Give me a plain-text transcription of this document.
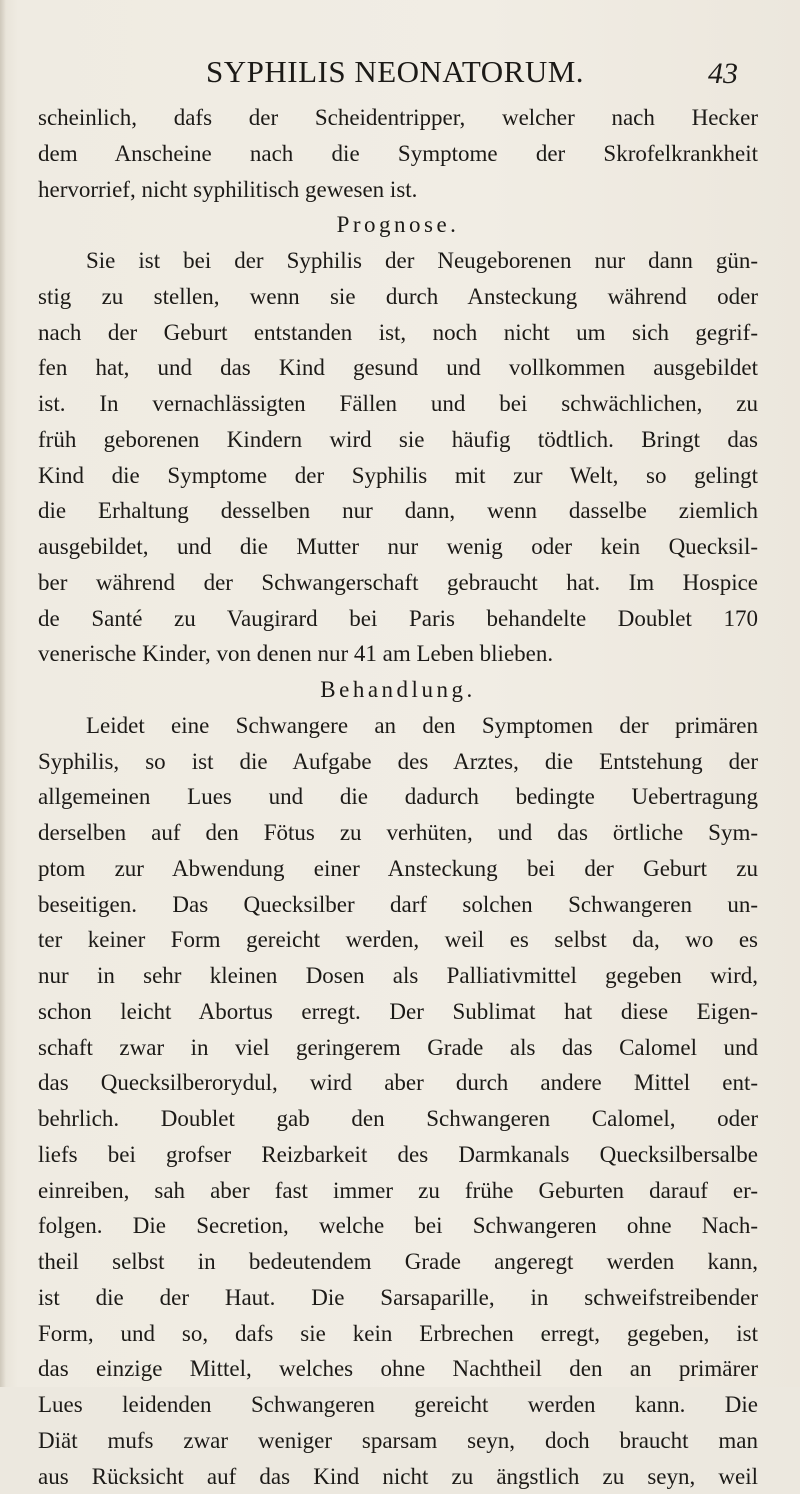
SYPHILIS NEONATORUM.	43
scheinlich, dafs der Scheidentripper, welcher nach Hecker
dem Anscheine nach die Symptome der Skrofelkrankheit
hervorrief, nicht syphilitisch gewesen ist.
Prognose.
Sie ist bei der Syphilis der Neugeborenen nur dann gün-
stig zu stellen, wenn sie durch Ansteckung während oder
nach der Geburt entstanden ist, noch nicht um sich gegrif-
fen hat, und das Kind gesund und vollkommen ausgebildet
ist. In vernachlässigten Fällen und bei schwächlichen, zu
früh geborenen Kindern wird sie häufig tödtlich. Bringt das
Kind die Symptome der Syphilis mit zur Welt, so gelingt
die Erhaltung desselben nur dann, wenn dasselbe ziemlich
ausgebildet, und die Mutter nur wenig oder kein Quecksil-
ber während der Schwangerschaft gebraucht hat. Im Hospice
de Santé zu Vaugirard bei Paris behandelte Doublet 170
venerische Kinder, von denen nur 41 am Leben blieben.
Behandlung.
Leidet eine Schwangere an den Symptomen der primären
Syphilis, so ist die Aufgabe des Arztes, die Entstehung der
allgemeinen Lues und die dadurch bedingte Uebertragung
derselben auf den Fötus zu verhüten, und das örtliche Sym-
ptom zur Abwendung einer Ansteckung bei der Geburt zu
beseitigen. Das Quecksilber darf solchen Schwangeren un-
ter keiner Form gereicht werden, weil es selbst da, wo es
nur in sehr kleinen Dosen als Palliativmittel gegeben wird,
schon leicht Abortus erregt. Der Sublimat hat diese Eigen-
schaft zwar in viel geringerem Grade als das Calomel und
das Quecksilberorydul, wird aber durch andere Mittel ent-
behrlich. Doublet gab den Schwangeren Calomel, oder
liefs bei grofser Reizbarkeit des Darmkanals Quecksilbersalbe
einreiben, sah aber fast immer zu frühe Geburten darauf er-
folgen. Die Secretion, welche bei Schwangeren ohne Nach-
theil selbst in bedeutendem Grade angeregt werden kann,
ist die der Haut. Die Sarsaparille, in schweifstreibender
Form, und so, dafs sie kein Erbrechen erregt, gegeben, ist
das einzige Mittel, welches ohne Nachtheil den an primärer
Lues leidenden Schwangeren gereicht werden kann. Die
Diät mufs zwar weniger sparsam seyn, doch braucht man
aus Rücksicht auf das Kind nicht zu ängstlich zu seyn, weil
